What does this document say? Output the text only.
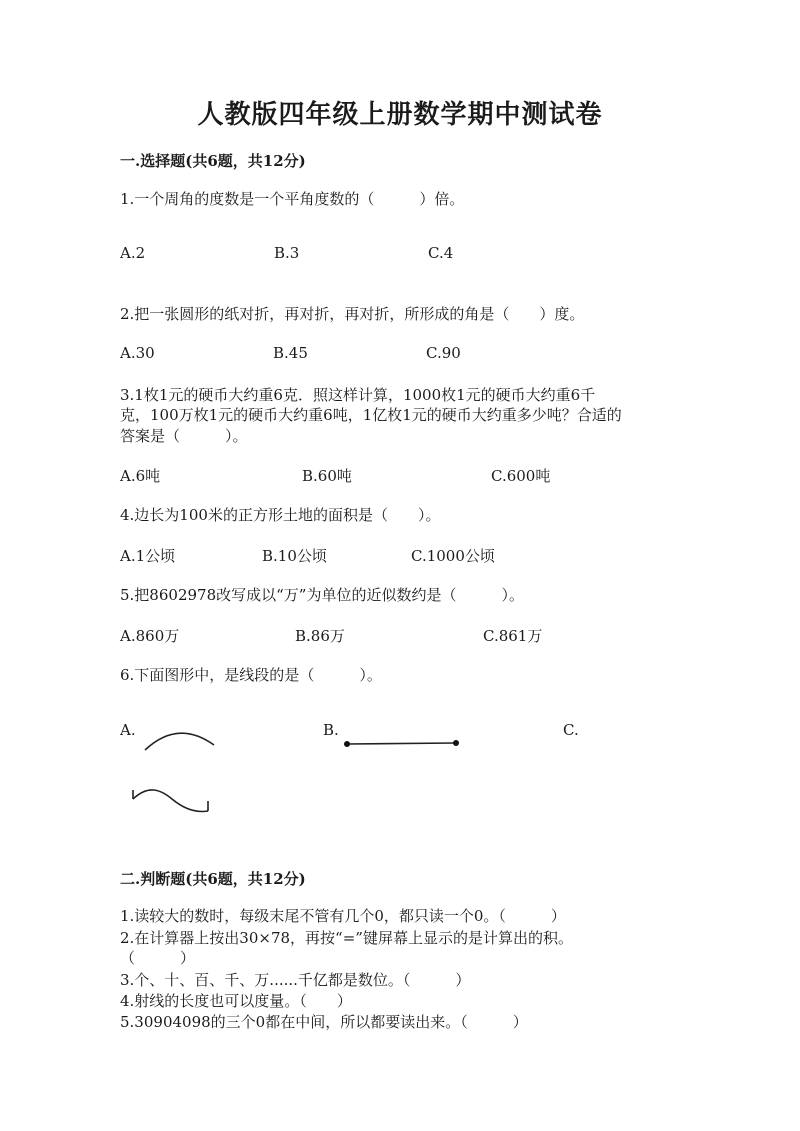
人教版四年级上册数学期中测试卷
一.选择题(共6题，共12分)
1.一个周角的度数是一个平角度数的（　　　）倍。
A.2	B.3	C.4
2.把一张圆形的纸对折，再对折，再对折，所形成的角是（　　）度。
A.30	B.45	C.90
3.1枚1元的硬币大约重6克．照这样计算，1000枚1元的硬币大约重6千
克，100万枚1元的硬币大约重6吨，1亿枚1元的硬币大约重多少吨？合适的
答案是（　　　）。
A.6吨	B.60吨	C.600吨
4.边长为100米的正方形土地的面积是（　　）。
A.1公顷	B.10公顷	C.1000公顷
5.把8602978改写成以“万”为单位的近似数约是（　　　）。
A.860万	B.86万	C.861万
6.下面图形中，是线段的是（　　　）。
A.	B.	C.
二.判断题(共6题，共12分)
1.读较大的数时，每级末尾不管有几个0，都只读一个0。（　　　）
2.在计算器上按出30×78，再按“=”键屏幕上显示的是计算出的积。
（　　　）
3.个、十、百、千、万......千亿都是数位。（　　　）
4.射线的长度也可以度量。（　　）
5.30904098的三个0都在中间，所以都要读出来。（　　　）
